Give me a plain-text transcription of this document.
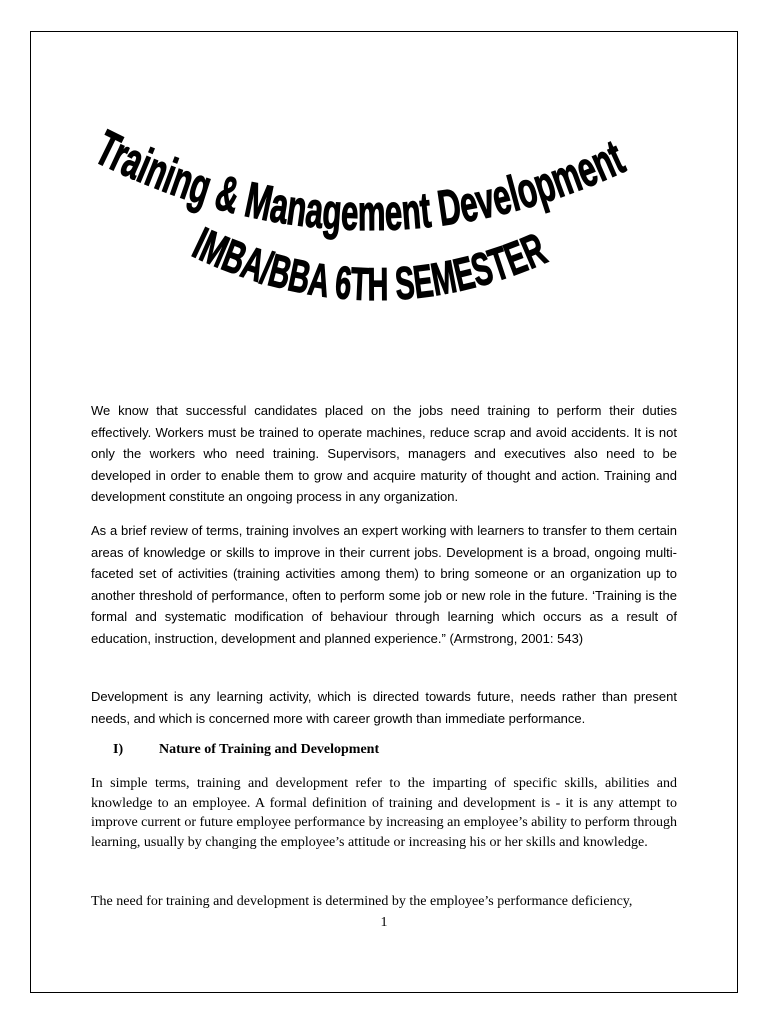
Training & Management Development
IMBA/BBA 6TH SEMESTER

We know that successful candidates placed on the jobs need training to perform their duties effectively. Workers must be trained to operate machines, reduce scrap and avoid accidents. It is not only the workers who need training. Supervisors, managers and executives also need to be developed in order to enable them to grow and acquire maturity of thought and action. Training and development constitute an ongoing process in any organization.

As a brief review of terms, training involves an expert working with learners to transfer to them certain areas of knowledge or skills to improve in their current jobs. Development is a broad, ongoing multi-faceted set of activities (training activities among them) to bring someone or an organization up to another threshold of performance, often to perform some job or new role in the future. ‘Training is the formal and systematic modification of behaviour through learning which occurs as a result of education, instruction, development and planned experience.” (Armstrong, 2001: 543)

Development is any learning activity, which is directed towards future, needs rather than present needs, and which is concerned more with career growth than immediate performance.

I)	Nature of Training and Development

In simple terms, training and development refer to the imparting of specific skills, abilities and knowledge to an employee. A formal definition of training and development is - it is any attempt to improve current or future employee performance by increasing an employee’s ability to perform through learning, usually by changing the employee’s attitude or increasing his or her skills and knowledge.

The need for training and development is determined by the employee’s performance deficiency,

1
